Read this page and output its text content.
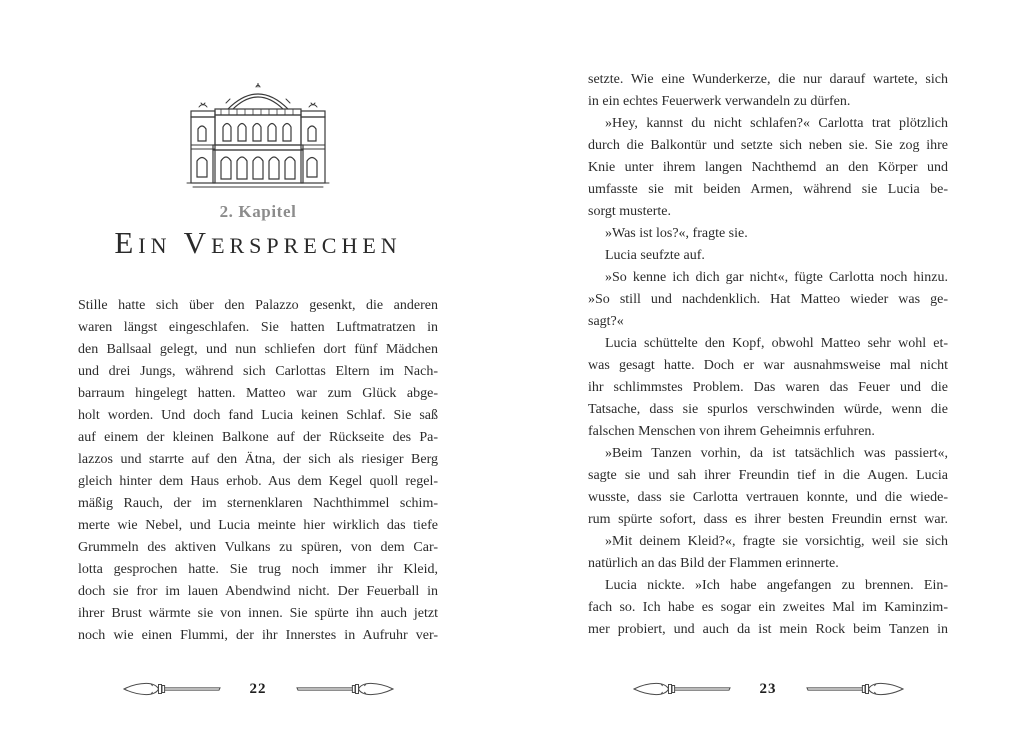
2. Kapitel
Ein Versprechen
Stille hatte sich über den Palazzo gesenkt, die anderen
waren längst eingeschlafen. Sie hatten Luftmatratzen in
den Ballsaal gelegt, und nun schliefen dort fünf Mädchen
und drei Jungs, während sich Carlottas Eltern im Nach-
barraum hingelegt hatten. Matteo war zum Glück abge-
holt worden. Und doch fand Lucia keinen Schlaf. Sie saß
auf einem der kleinen Balkone auf der Rückseite des Pa-
lazzos und starrte auf den Ätna, der sich als riesiger Berg
gleich hinter dem Haus erhob. Aus dem Kegel quoll regel-
mäßig Rauch, der im sternenklaren Nachthimmel schim-
merte wie Nebel, und Lucia meinte hier wirklich das tiefe
Grummeln des aktiven Vulkans zu spüren, von dem Car-
lotta gesprochen hatte. Sie trug noch immer ihr Kleid,
doch sie fror im lauen Abendwind nicht. Der Feuerball in
ihrer Brust wärmte sie von innen. Sie spürte ihn auch jetzt
noch wie einen Flummi, der ihr Innerstes in Aufruhr ver-
22
setzte. Wie eine Wunderkerze, die nur darauf wartete, sich
in ein echtes Feuerwerk verwandeln zu dürfen.
»Hey, kannst du nicht schlafen?« Carlotta trat plötzlich
durch die Balkontür und setzte sich neben sie. Sie zog ihre
Knie unter ihrem langen Nachthemd an den Körper und
umfasste sie mit beiden Armen, während sie Lucia be-
sorgt musterte.
»Was ist los?«, fragte sie.
Lucia seufzte auf.
»So kenne ich dich gar nicht«, fügte Carlotta noch hinzu.
»So still und nachdenklich. Hat Matteo wieder was ge-
sagt?«
Lucia schüttelte den Kopf, obwohl Matteo sehr wohl et-
was gesagt hatte. Doch er war ausnahmsweise mal nicht
ihr schlimmstes Problem. Das waren das Feuer und die
Tatsache, dass sie spurlos verschwinden würde, wenn die
falschen Menschen von ihrem Geheimnis erfuhren.
»Beim Tanzen vorhin, da ist tatsächlich was passiert«,
sagte sie und sah ihrer Freundin tief in die Augen. Lucia
wusste, dass sie Carlotta vertrauen konnte, und die wiede-
rum spürte sofort, dass es ihrer besten Freundin ernst war.
»Mit deinem Kleid?«, fragte sie vorsichtig, weil sie sich
natürlich an das Bild der Flammen erinnerte.
Lucia nickte. »Ich habe angefangen zu brennen. Ein-
fach so. Ich habe es sogar ein zweites Mal im Kaminzim-
mer probiert, und auch da ist mein Rock beim Tanzen in
23
